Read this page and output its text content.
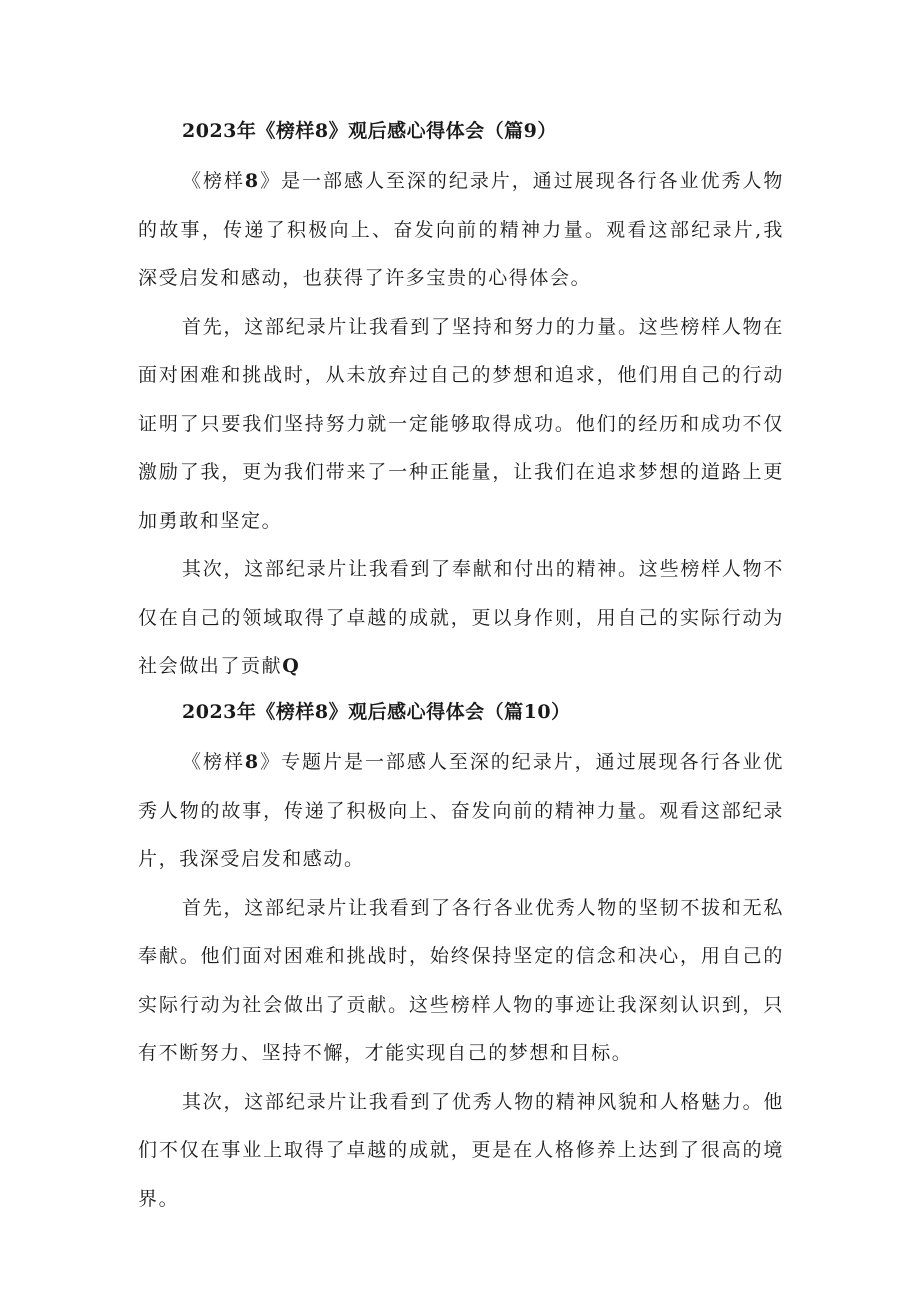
2023年《榜样8》观后感心得体会（篇9）

《榜样8》是一部感人至深的纪录片，通过展现各行各业优秀人物的故事，传递了积极向上、奋发向前的精神力量。观看这部纪录片,我深受启发和感动，也获得了许多宝贵的心得体会。

首先，这部纪录片让我看到了坚持和努力的力量。这些榜样人物在面对困难和挑战时，从未放弃过自己的梦想和追求，他们用自己的行动证明了只要我们坚持努力就一定能够取得成功。他们的经历和成功不仅激励了我，更为我们带来了一种正能量，让我们在追求梦想的道路上更加勇敢和坚定。

其次，这部纪录片让我看到了奉献和付出的精神。这些榜样人物不仅在自己的领域取得了卓越的成就，更以身作则，用自己的实际行动为社会做出了贡献Q

2023年《榜样8》观后感心得体会（篇10）

《榜样8》专题片是一部感人至深的纪录片，通过展现各行各业优秀人物的故事，传递了积极向上、奋发向前的精神力量。观看这部纪录片，我深受启发和感动。

首先，这部纪录片让我看到了各行各业优秀人物的坚韧不拔和无私奉献。他们面对困难和挑战时，始终保持坚定的信念和决心，用自己的实际行动为社会做出了贡献。这些榜样人物的事迹让我深刻认识到，只有不断努力、坚持不懈，才能实现自己的梦想和目标。

其次，这部纪录片让我看到了优秀人物的精神风貌和人格魅力。他们不仅在事业上取得了卓越的成就，更是在人格修养上达到了很高的境界。
